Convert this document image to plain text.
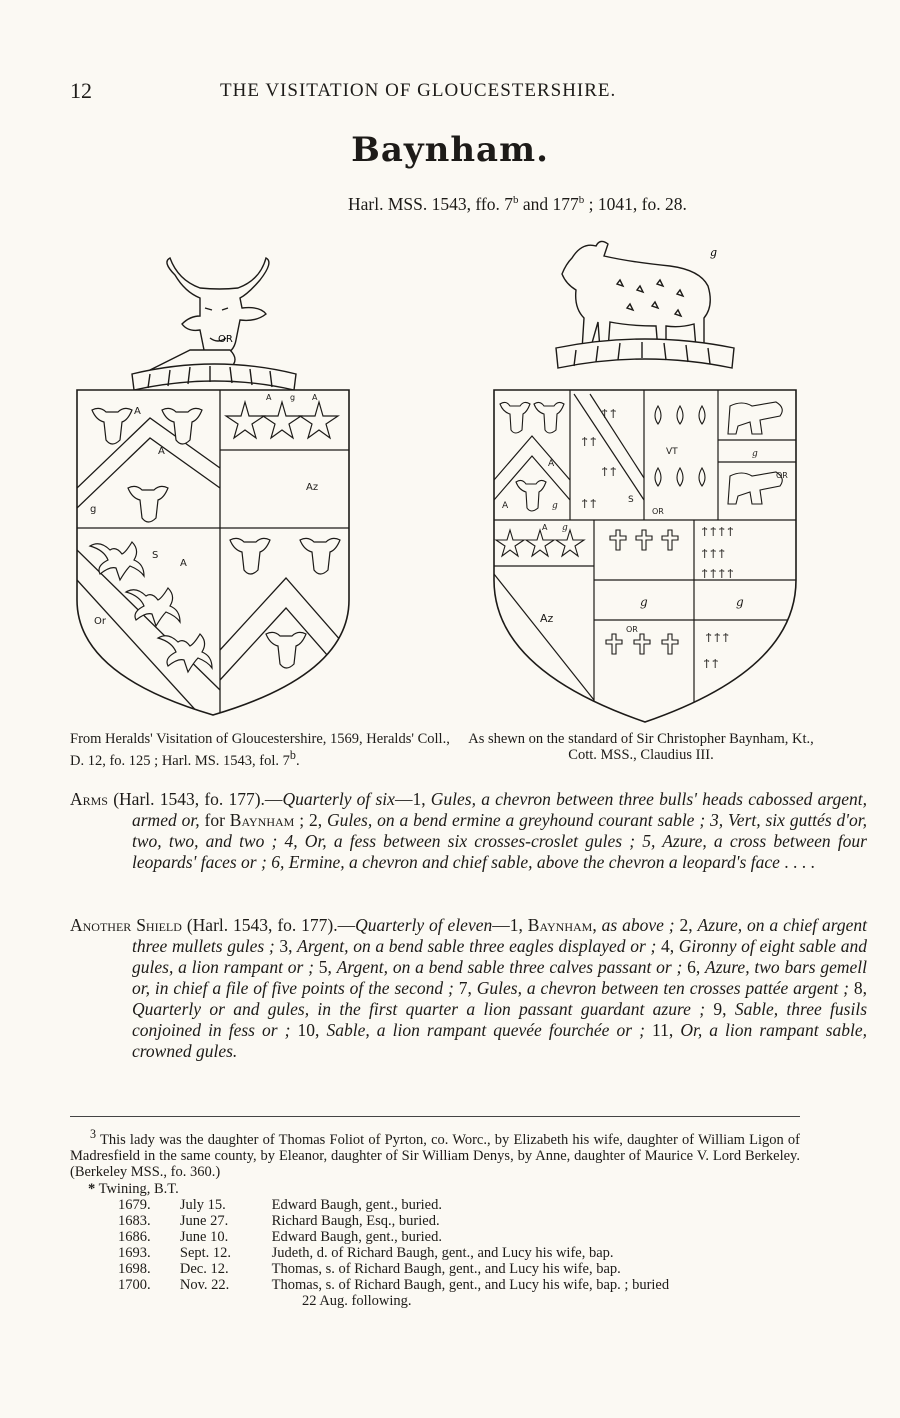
12	THE VISITATION OF GLOUCESTERSHIRE.
Baynham.
Harl. MSS. 1543, ffo. 7$^b$ and 177$^b$ ; 1041, fo. 28.
OR
A
A
g
Az
S
A
Or
A g A
g
ϯ ϯ
ϯ ϯ
ϯ ϯ
ϯ ϯ
ϯ ϯ ϯ ϯ
ϯ ϯ ϯ
ϯ ϯ ϯ ϯ
ϯ ϯ ϯ
ϯ ϯ
A
A	g
S
VT
OR
g
OR
A g
Az
g	g
OR
From Heralds' Visitation of Gloucestershire, 1569, Heralds' Coll., D. 12, fo. 125 ; Harl. MS. 1543, fol. 7$^b$.
As shewn on the standard of Sir Christopher Baynham, Kt., Cott. MSS., Claudius III.
Arms (Harl. 1543, fo. 177).—Quarterly of six—1, Gules, a chevron between three bulls' heads cabossed argent, armed or, for Baynham ; 2, Gules, on a bend ermine a greyhound courant sable ; 3, Vert, six guttés d'or, two, two, and two ; 4, Or, a fess between six crosses-croslet gules ; 5, Azure, a cross between four leopards' faces or ; 6, Ermine, a chevron and chief sable, above the chevron a leopard's face . . . .
Another Shield (Harl. 1543, fo. 177).—Quarterly of eleven—1, Baynham, as above ; 2, Azure, on a chief argent three mullets gules ; 3, Argent, on a bend sable three eagles displayed or ; 4, Gironny of eight sable and gules, a lion rampant or ; 5, Argent, on a bend sable three calves passant or ; 6, Azure, two bars gemell or, in chief a file of five points of the second ; 7, Gules, a chevron between ten crosses pattée argent ; 8, Quarterly or and gules, in the first quarter a lion passant guardant azure ; 9, Sable, three fusils conjoined in fess or ; 10, Sable, a lion rampant quevée fourchée or ; 11, Or, a lion rampant sable, crowned gules.
$^3$ This lady was the daughter of Thomas Foliot of Pyrton, co. Worc., by Elizabeth his wife, daughter of William Ligon of Madresfield in the same county, by Eleanor, daughter of Sir William Denys, by Anne, daughter of Maurice V. Lord Berkeley. (Berkeley MSS., fo. 360.)
* Twining, B.T.
1679.	July 15.	Edward Baugh, gent., buried.
1683.	June 27.	Richard Baugh, Esq., buried.
1686.	June 10.	Edward Baugh, gent., buried.
1693.	Sept. 12.	Judeth, d. of Richard Baugh, gent., and Lucy his wife, bap.
1698.	Dec. 12.	Thomas, s. of Richard Baugh, gent., and Lucy his wife, bap.
1700.	Nov. 22.	Thomas, s. of Richard Baugh, gent., and Lucy his wife, bap. ; buried
22 Aug. following.
